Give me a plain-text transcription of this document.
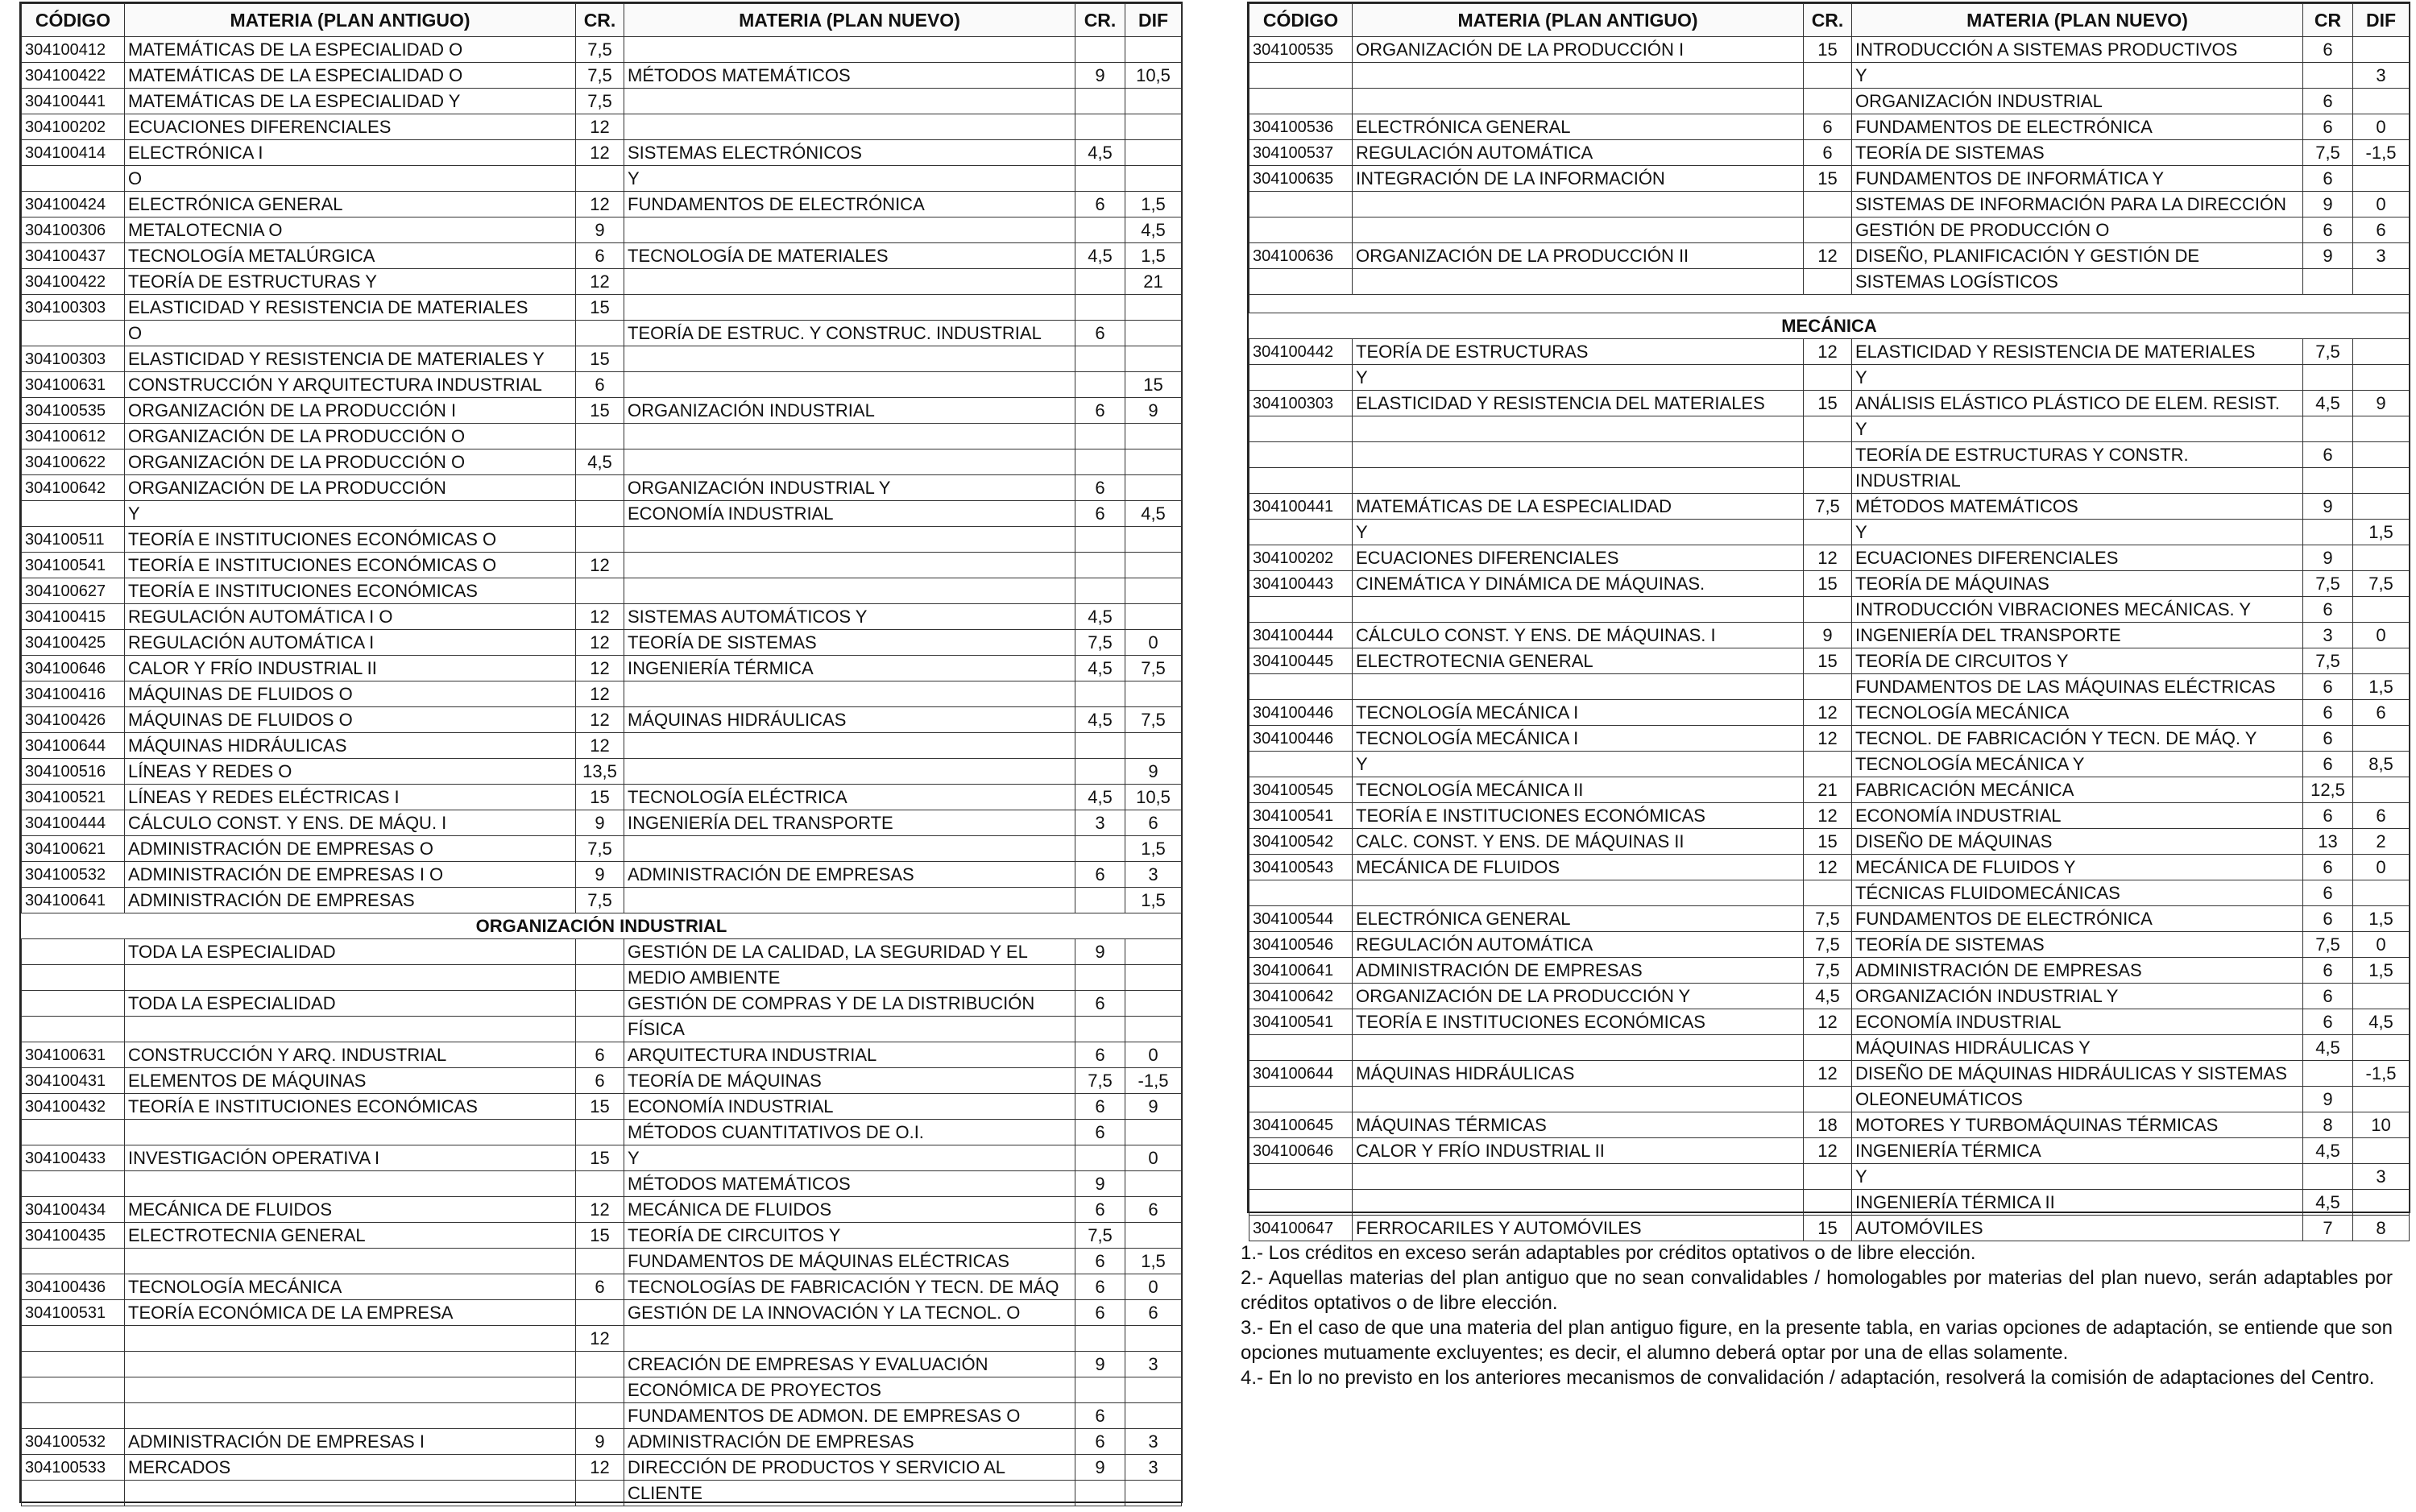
CÓDIGO	MATERIA (PLAN ANTIGUO)	CR.	MATERIA (PLAN NUEVO)	CR.	DIF
304100412	MATEMÁTICAS DE LA ESPECIALIDAD O	7,5			
304100422	MATEMÁTICAS DE LA ESPECIALIDAD O	7,5	MÉTODOS MATEMÁTICOS	9	10,5
304100441	MATEMÁTICAS DE LA ESPECIALIDAD Y	7,5			
304100202	ECUACIONES DIFERENCIALES	12			
304100414	ELECTRÓNICA I	12	SISTEMAS ELECTRÓNICOS	4,5	
	O		Y		
304100424	ELECTRÓNICA GENERAL	12	FUNDAMENTOS DE ELECTRÓNICA	6	1,5
304100306	METALOTECNIA O	9			4,5
304100437	TECNOLOGÍA METALÚRGICA	6	TECNOLOGÍA DE MATERIALES	4,5	1,5
304100422	TEORÍA DE ESTRUCTURAS Y	12			21
304100303	ELASTICIDAD Y RESISTENCIA DE MATERIALES	15			
	O		TEORÍA DE ESTRUC. Y CONSTRUC. INDUSTRIAL	6	
304100303	ELASTICIDAD Y RESISTENCIA DE MATERIALES Y	15			
304100631	CONSTRUCCIÓN Y ARQUITECTURA INDUSTRIAL	6			15
304100535	ORGANIZACIÓN DE LA PRODUCCIÓN I	15	ORGANIZACIÓN INDUSTRIAL	6	9
304100612	ORGANIZACIÓN DE LA PRODUCCIÓN O				
304100622	ORGANIZACIÓN DE LA PRODUCCIÓN O	4,5			
304100642	ORGANIZACIÓN DE LA PRODUCCIÓN		ORGANIZACIÓN INDUSTRIAL Y	6	
	Y		ECONOMÍA INDUSTRIAL	6	4,5
304100511	TEORÍA E INSTITUCIONES ECONÓMICAS O				
304100541	TEORÍA E INSTITUCIONES ECONÓMICAS O	12			
304100627	TEORÍA E INSTITUCIONES ECONÓMICAS				
304100415	REGULACIÓN AUTOMÁTICA I O	12	SISTEMAS AUTOMÁTICOS Y	4,5	
304100425	REGULACIÓN AUTOMÁTICA I	12	TEORÍA DE SISTEMAS	7,5	0
304100646	CALOR Y FRÍO INDUSTRIAL II	12	INGENIERÍA TÉRMICA	4,5	7,5
304100416	MÁQUINAS DE FLUIDOS O	12			
304100426	MÁQUINAS DE FLUIDOS O	12	MÁQUINAS HIDRÁULICAS	4,5	7,5
304100644	MÁQUINAS HIDRÁULICAS	12			
304100516	LÍNEAS Y REDES O	13,5			9
304100521	LÍNEAS Y REDES ELÉCTRICAS I	15	TECNOLOGÍA ELÉCTRICA	4,5	10,5
304100444	CÁLCULO CONST. Y ENS. DE MÁQU. I	9	INGENIERÍA DEL TRANSPORTE	3	6
304100621	ADMINISTRACIÓN DE EMPRESAS O	7,5			1,5
304100532	ADMINISTRACIÓN DE EMPRESAS I O	9	ADMINISTRACIÓN DE EMPRESAS	6	3
304100641	ADMINISTRACIÓN DE EMPRESAS	7,5			1,5
ORGANIZACIÓN INDUSTRIAL					
	TODA LA ESPECIALIDAD		GESTIÓN DE LA CALIDAD, LA SEGURIDAD Y EL	9	
			MEDIO AMBIENTE		
	TODA LA ESPECIALIDAD		GESTIÓN DE COMPRAS Y DE LA DISTRIBUCIÓN	6	
			FÍSICA		
304100631	CONSTRUCCIÓN Y ARQ. INDUSTRIAL	6	ARQUITECTURA INDUSTRIAL	6	0
304100431	ELEMENTOS DE MÁQUINAS	6	TEORÍA DE MÁQUINAS	7,5	-1,5
304100432	TEORÍA E INSTITUCIONES ECONÓMICAS	15	ECONOMÍA INDUSTRIAL	6	9
			MÉTODOS CUANTITATIVOS DE O.I.	6	
304100433	INVESTIGACIÓN OPERATIVA I	15	Y		0
			MÉTODOS MATEMÁTICOS	9	
304100434	MECÁNICA DE FLUIDOS	12	MECÁNICA DE FLUIDOS	6	6
304100435	ELECTROTECNIA GENERAL	15	TEORÍA DE CIRCUITOS Y	7,5	
			FUNDAMENTOS DE MÁQUINAS ELÉCTRICAS	6	1,5
304100436	TECNOLOGÍA MECÁNICA	6	TECNOLOGÍAS DE FABRICACIÓN Y TECN. DE MÁQ	6	0
304100531	TEORÍA ECONÓMICA DE LA EMPRESA		GESTIÓN DE LA INNOVACIÓN Y LA TECNOL. O	6	6
		12			
			CREACIÓN DE EMPRESAS Y EVALUACIÓN	9	3
			ECONÓMICA DE PROYECTOS		
			FUNDAMENTOS DE ADMON. DE EMPRESAS O	6	
304100532	ADMINISTRACIÓN DE EMPRESAS I	9	ADMINISTRACIÓN DE EMPRESAS	6	3
304100533	MERCADOS	12	DIRECCIÓN DE PRODUCTOS Y SERVICIO AL	9	3
			CLIENTE		
CÓDIGO	MATERIA (PLAN ANTIGUO)	CR.	MATERIA (PLAN NUEVO)	CR	DIF
304100535	ORGANIZACIÓN DE LA PRODUCCIÓN I	15	INTRODUCCIÓN A SISTEMAS PRODUCTIVOS	6	
			Y		3
			ORGANIZACIÓN INDUSTRIAL	6	
304100536	ELECTRÓNICA GENERAL	6	FUNDAMENTOS DE ELECTRÓNICA	6	0
304100537	REGULACIÓN AUTOMÁTICA	6	TEORÍA DE SISTEMAS	7,5	-1,5
304100635	INTEGRACIÓN DE LA INFORMACIÓN	15	FUNDAMENTOS DE INFORMÁTICA Y	6	
			SISTEMAS DE INFORMACIÓN PARA LA DIRECCIÓN	9	0
			GESTIÓN DE PRODUCCIÓN O	6	6
304100636	ORGANIZACIÓN DE LA PRODUCCIÓN II	12	DISEÑO, PLANIFICACIÓN Y GESTIÓN DE	9	3
			SISTEMAS LOGÍSTICOS		

MECÁNICA					
304100442	TEORÍA DE ESTRUCTURAS	12	ELASTICIDAD Y RESISTENCIA DE MATERIALES	7,5	
	Y		Y		
304100303	ELASTICIDAD Y RESISTENCIA DEL MATERIALES	15	ANÁLISIS ELÁSTICO PLÁSTICO DE ELEM. RESIST.	4,5	9
			Y		
			TEORÍA DE ESTRUCTURAS Y CONSTR.	6	
			INDUSTRIAL		
304100441	MATEMÁTICAS DE LA ESPECIALIDAD	7,5	MÉTODOS MATEMÁTICOS	9	
	Y		Y		1,5
304100202	ECUACIONES DIFERENCIALES	12	ECUACIONES DIFERENCIALES	9	
304100443	CINEMÁTICA Y DINÁMICA DE MÁQUINAS.	15	TEORÍA DE MÁQUINAS	7,5	7,5
			INTRODUCCIÓN VIBRACIONES MECÁNICAS. Y	6	
304100444	CÁLCULO CONST. Y ENS. DE MÁQUINAS. I	9	INGENIERÍA DEL TRANSPORTE	3	0
304100445	ELECTROTECNIA GENERAL	15	TEORÍA DE CIRCUITOS Y	7,5	
			FUNDAMENTOS DE LAS MÁQUINAS ELÉCTRICAS	6	1,5
304100446	TECNOLOGÍA MECÁNICA I	12	TECNOLOGÍA MECÁNICA	6	6
304100446	TECNOLOGÍA MECÁNICA I	12	TECNOL. DE FABRICACIÓN Y TECN. DE MÁQ. Y	6	
	Y		TECNOLOGÍA MECÁNICA Y	6	8,5
304100545	TECNOLOGÍA MECÁNICA II	21	FABRICACIÓN MECÁNICA	12,5	
304100541	TEORÍA E INSTITUCIONES ECONÓMICAS	12	ECONOMÍA INDUSTRIAL	6	6
304100542	CALC. CONST. Y ENS. DE MÁQUINAS II	15	DISEÑO DE MÁQUINAS	13	2
304100543	MECÁNICA DE FLUIDOS	12	MECÁNICA DE FLUIDOS Y	6	0
			TÉCNICAS FLUIDOMECÁNICAS	6	
304100544	ELECTRÓNICA GENERAL	7,5	FUNDAMENTOS DE ELECTRÓNICA	6	1,5
304100546	REGULACIÓN AUTOMÁTICA	7,5	TEORÍA DE SISTEMAS	7,5	0
304100641	ADMINISTRACIÓN DE EMPRESAS	7,5	ADMINISTRACIÓN DE EMPRESAS	6	1,5
304100642	ORGANIZACIÓN DE LA PRODUCCIÓN Y	4,5	ORGANIZACIÓN INDUSTRIAL Y	6	
304100541	TEORÍA E INSTITUCIONES ECONÓMICAS	12	ECONOMÍA INDUSTRIAL	6	4,5
			MÁQUINAS HIDRÁULICAS Y	4,5	
304100644	MÁQUINAS HIDRÁULICAS	12	DISEÑO DE MÁQUINAS HIDRÁULICAS Y SISTEMAS		-1,5
			OLEONEUMÁTICOS	9	
304100645	MÁQUINAS TÉRMICAS	18	MOTORES Y TURBOMÁQUINAS TÉRMICAS	8	10
304100646	CALOR Y FRÍO INDUSTRIAL II	12	INGENIERÍA TÉRMICA	4,5	
			Y		3
			INGENIERÍA TÉRMICA II	4,5	
304100647	FERROCARILES Y AUTOMÓVILES	15	AUTOMÓVILES	7	8

1.- Los créditos en exceso serán adaptables por créditos optativos o de libre elección.

2.- Aquellas materias del plan antiguo que no sean convalidables / homologables por materias del plan nuevo, serán adaptables por créditos optativos o de libre elección.

3.- En el caso de que una materia del plan antiguo figure, en la presente tabla, en varias opciones de adaptación, se entiende que son opciones mutuamente excluyentes; es decir, el alumno deberá optar por una de ellas solamente.

4.- En lo no previsto en los anteriores mecanismos de convalidación / adaptación, resolverá la comisión de adaptaciones del Centro.
